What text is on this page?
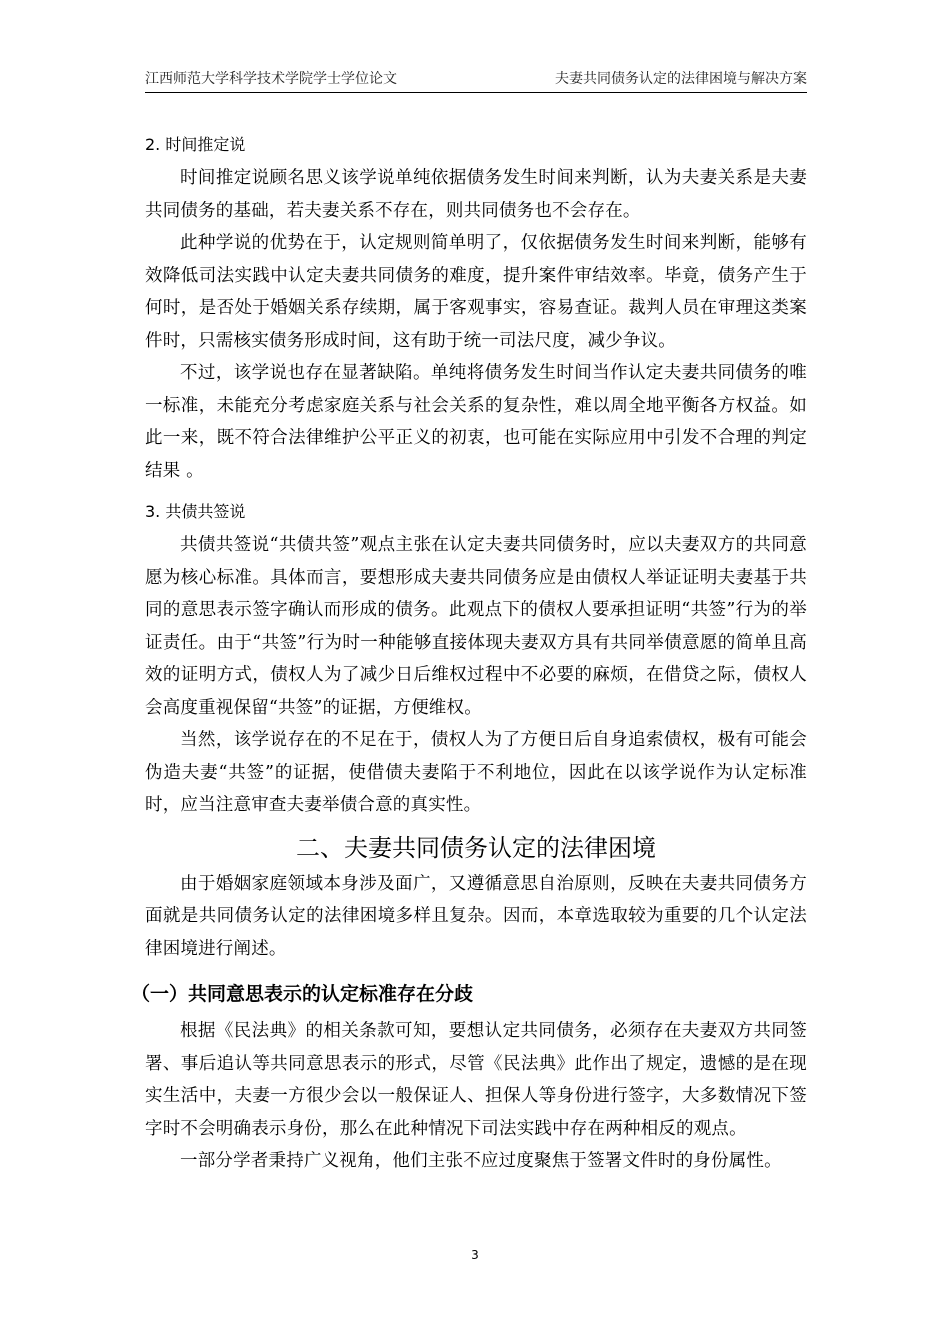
江西师范大学科学技术学院学士学位论文	夫妻共同债务认定的法律困境与解决方案
2. 时间推定说

时间推定说顾名思义该学说单纯依据债务发生时间来判断，认为夫妻关系是夫妻共同债务的基础，若夫妻关系不存在，则共同债务也不会存在。

此种学说的优势在于，认定规则简单明了，仅依据债务发生时间来判断，能够有效降低司法实践中认定夫妻共同债务的难度，提升案件审结效率。毕竟，债务产生于何时，是否处于婚姻关系存续期，属于客观事实，容易查证。裁判人员在审理这类案件时，只需核实债务形成时间，这有助于统一司法尺度，减少争议。

不过，该学说也存在显著缺陷。单纯将债务发生时间当作认定夫妻共同债务的唯一标准，未能充分考虑家庭关系与社会关系的复杂性，难以周全地平衡各方权益。如此一来，既不符合法律维护公平正义的初衷，也可能在实际应用中引发不合理的判定结果 。

3. 共债共签说

共债共签说“共债共签”观点主张在认定夫妻共同债务时，应以夫妻双方的共同意愿为核心标准。具体而言，要想形成夫妻共同债务应是由债权人举证证明夫妻基于共同的意思表示签字确认而形成的债务。此观点下的债权人要承担证明“共签”行为的举证责任。由于“共签”行为时一种能够直接体现夫妻双方具有共同举债意愿的简单且高效的证明方式，债权人为了减少日后维权过程中不必要的麻烦，在借贷之际，债权人会高度重视保留“共签”的证据，方便维权。

当然，该学说存在的不足在于，债权人为了方便日后自身追索债权，极有可能会伪造夫妻“共签”的证据，使借债夫妻陷于不利地位，因此在以该学说作为认定标准时，应当注意审查夫妻举债合意的真实性。

二、夫妻共同债务认定的法律困境

由于婚姻家庭领域本身涉及面广，又遵循意思自治原则，反映在夫妻共同债务方面就是共同债务认定的法律困境多样且复杂。因而，本章选取较为重要的几个认定法律困境进行阐述。

（一）共同意思表示的认定标准存在分歧

根据《民法典》的相关条款可知，要想认定共同债务，必须存在夫妻双方共同签署、事后追认等共同意思表示的形式，尽管《民法典》此作出了规定，遗憾的是在现实生活中，夫妻一方很少会以一般保证人、担保人等身份进行签字，大多数情况下签字时不会明确表示身份，那么在此种情况下司法实践中存在两种相反的观点。

一部分学者秉持广义视角，他们主张不应过度聚焦于签署文件时的身份属性。

3
